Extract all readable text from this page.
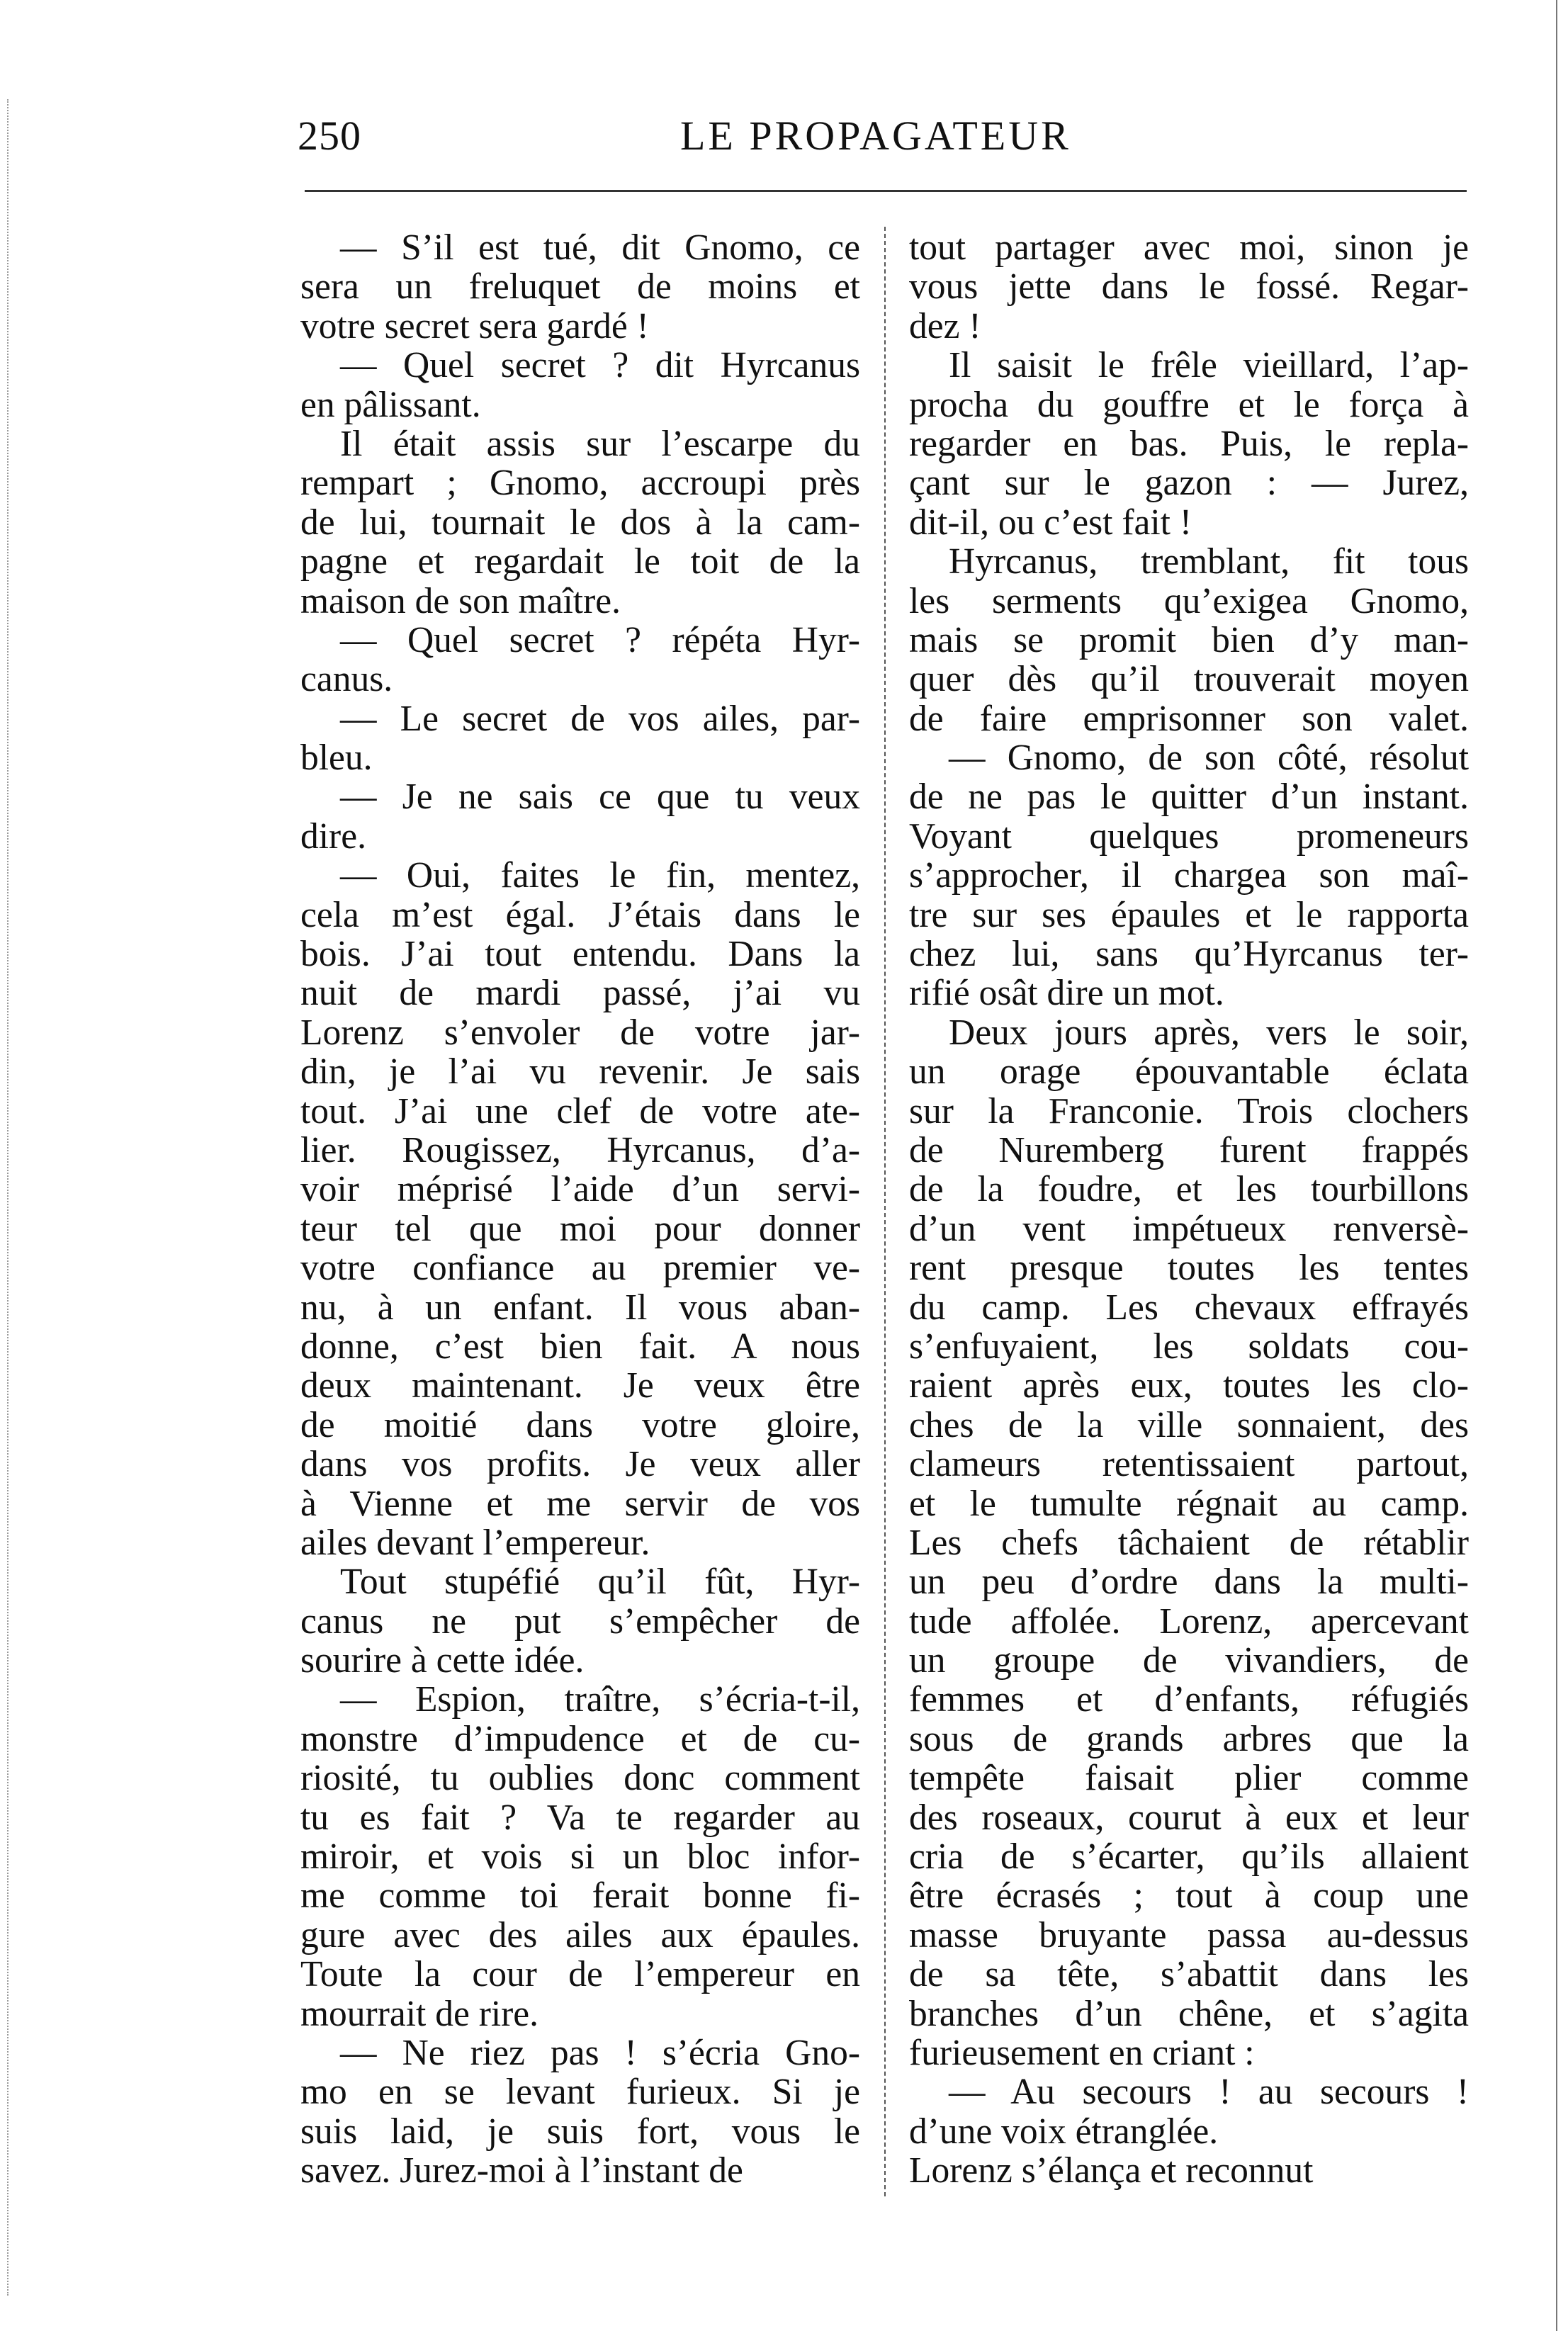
250	LE PROPAGATEUR
— S’il est tué, dit Gnomo, ce
sera un freluquet de moins et
votre secret sera gardé !
— Quel secret ? dit Hyrcanus
en pâlissant.
Il était assis sur l’escarpe du
rempart ; Gnomo, accroupi près
de lui, tournait le dos à la cam-
pagne et regardait le toit de la
maison de son maître.
— Quel secret ? répéta Hyr-
canus.
— Le secret de vos ailes, par-
bleu.
— Je ne sais ce que tu veux
dire.
— Oui, faites le fin, mentez,
cela m’est égal. J’étais dans le
bois. J’ai tout entendu. Dans la
nuit de mardi passé, j’ai vu
Lorenz s’envoler de votre jar-
din, je l’ai vu revenir. Je sais
tout. J’ai une clef de votre ate-
lier. Rougissez, Hyrcanus, d’a-
voir méprisé l’aide d’un servi-
teur tel que moi pour donner
votre confiance au premier ve-
nu, à un enfant. Il vous aban-
donne, c’est bien fait. A nous
deux maintenant. Je veux être
de moitié dans votre gloire,
dans vos profits. Je veux aller
à Vienne et me servir de vos
ailes devant l’empereur.
Tout stupéfié qu’il fût, Hyr-
canus ne put s’empêcher de
sourire à cette idée.
— Espion, traître, s’écria-t-il,
monstre d’impudence et de cu-
riosité, tu oublies donc comment
tu es fait ? Va te regarder au
miroir, et vois si un bloc infor-
me comme toi ferait bonne fi-
gure avec des ailes aux épaules.
Toute la cour de l’empereur en
mourrait de rire.
— Ne riez pas ! s’écria Gno-
mo en se levant furieux. Si je
suis laid, je suis fort, vous le
savez. Jurez-moi à l’instant de
tout partager avec moi, sinon je
vous jette dans le fossé. Regar-
dez !
Il saisit le frêle vieillard, l’ap-
procha du gouffre et le força à
regarder en bas. Puis, le repla-
çant sur le gazon : — Jurez,
dit-il, ou c’est fait !
Hyrcanus, tremblant, fit tous
les serments qu’exigea Gnomo,
mais se promit bien d’y man-
quer dès qu’il trouverait moyen
de faire emprisonner son valet.
— Gnomo, de son côté, résolut
de ne pas le quitter d’un instant.
Voyant quelques promeneurs
s’approcher, il chargea son maî-
tre sur ses épaules et le rapporta
chez lui, sans qu’Hyrcanus ter-
rifié osât dire un mot.
Deux jours après, vers le soir,
un orage épouvantable éclata
sur la Franconie. Trois clochers
de Nuremberg furent frappés
de la foudre, et les tourbillons
d’un vent impétueux renversè-
rent presque toutes les tentes
du camp. Les chevaux effrayés
s’enfuyaient, les soldats cou-
raient après eux, toutes les clo-
ches de la ville sonnaient, des
clameurs retentissaient partout,
et le tumulte régnait au camp.
Les chefs tâchaient de rétablir
un peu d’ordre dans la multi-
tude affolée. Lorenz, apercevant
un groupe de vivandiers, de
femmes et d’enfants, réfugiés
sous de grands arbres que la
tempête faisait plier comme
des roseaux, courut à eux et leur
cria de s’écarter, qu’ils allaient
être écrasés ; tout à coup une
masse bruyante passa au-dessus
de sa tête, s’abattit dans les
branches d’un chêne, et s’agita
furieusement en criant :
— Au secours ! au secours !
d’une voix étranglée.
Lorenz s’élança et reconnut
